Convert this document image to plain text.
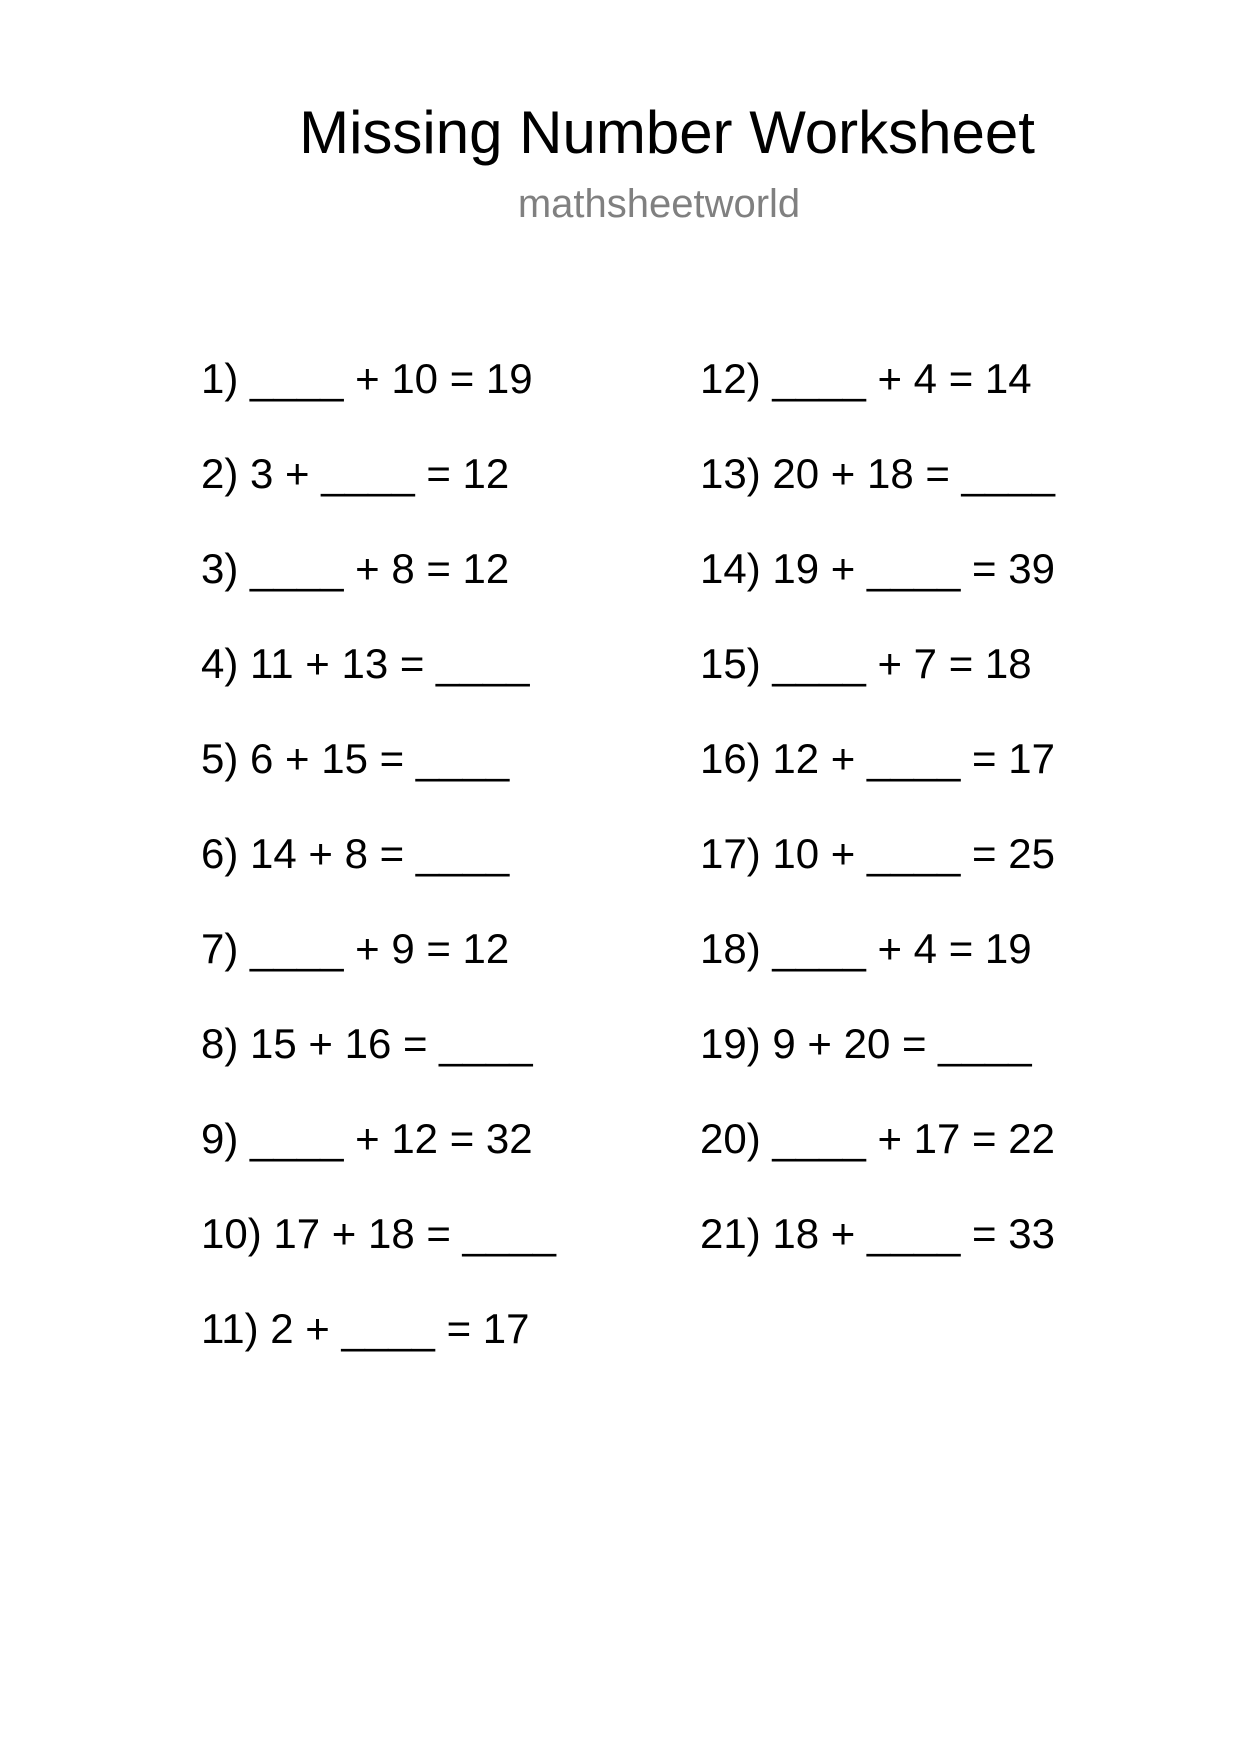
Missing Number Worksheet
mathsheetworld
1) ____ + 10 = 19
2) 3 + ____ = 12
3) ____ + 8 = 12
4) 11 + 13 = ____
5) 6 + 15 = ____
6) 14 + 8 = ____
7) ____ + 9 = 12
8) 15 + 16 = ____
9) ____ + 12 = 32
10) 17 + 18 = ____
11) 2 + ____ = 17
12) ____ + 4 = 14
13) 20 + 18 = ____
14) 19 + ____ = 39
15) ____ + 7 = 18
16) 12 + ____ = 17
17) 10 + ____ = 25
18) ____ + 4 = 19
19) 9 + 20 = ____
20) ____ + 17 = 22
21) 18 + ____ = 33
